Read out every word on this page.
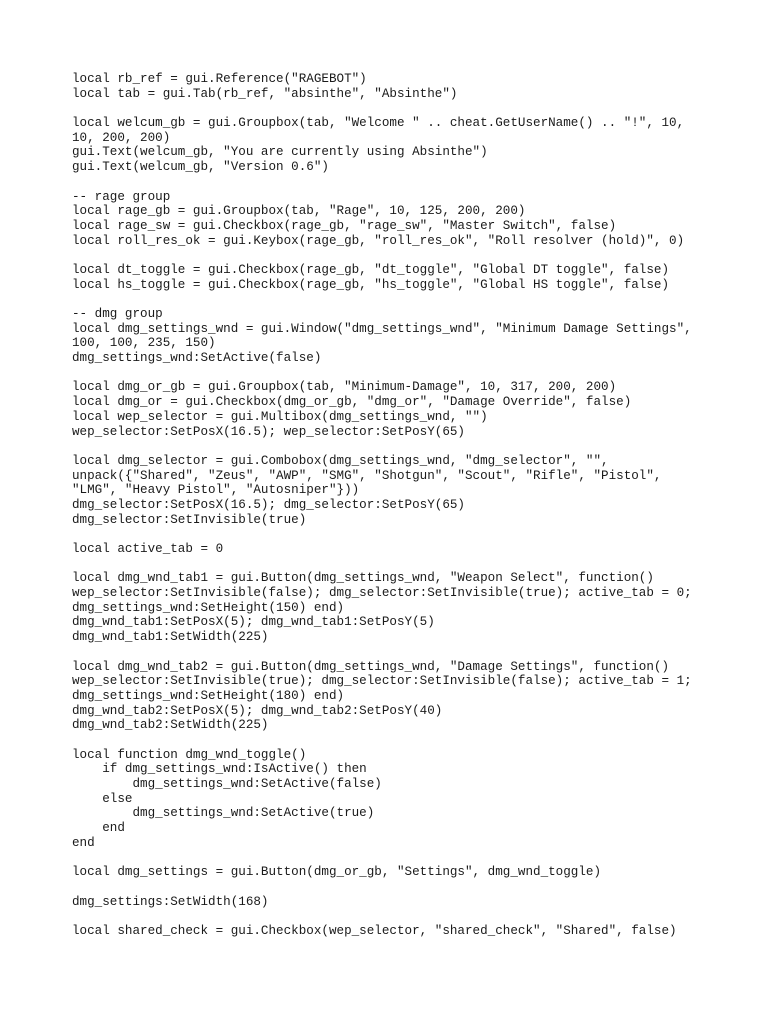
local rb_ref = gui.Reference("RAGEBOT")
local tab = gui.Tab(rb_ref, "absinthe", "Absinthe")
local welcum_gb = gui.Groupbox(tab, "Welcome " .. cheat.GetUserName() .. "!", 10,
10, 200, 200)
gui.Text(welcum_gb, "You are currently using Absinthe")
gui.Text(welcum_gb, "Version 0.6")
-- rage group
local rage_gb = gui.Groupbox(tab, "Rage", 10, 125, 200, 200)
local rage_sw = gui.Checkbox(rage_gb, "rage_sw", "Master Switch", false)
local roll_res_ok = gui.Keybox(rage_gb, "roll_res_ok", "Roll resolver (hold)", 0)
local dt_toggle = gui.Checkbox(rage_gb, "dt_toggle", "Global DT toggle", false)
local hs_toggle = gui.Checkbox(rage_gb, "hs_toggle", "Global HS toggle", false)
-- dmg group
local dmg_settings_wnd = gui.Window("dmg_settings_wnd", "Minimum Damage Settings",
100, 100, 235, 150)
dmg_settings_wnd:SetActive(false)
local dmg_or_gb = gui.Groupbox(tab, "Minimum-Damage", 10, 317, 200, 200)
local dmg_or = gui.Checkbox(dmg_or_gb, "dmg_or", "Damage Override", false)
local wep_selector = gui.Multibox(dmg_settings_wnd, "")
wep_selector:SetPosX(16.5); wep_selector:SetPosY(65)
local dmg_selector = gui.Combobox(dmg_settings_wnd, "dmg_selector", "",
unpack({"Shared", "Zeus", "AWP", "SMG", "Shotgun", "Scout", "Rifle", "Pistol",
"LMG", "Heavy Pistol", "Autosniper"}))
dmg_selector:SetPosX(16.5); dmg_selector:SetPosY(65)
dmg_selector:SetInvisible(true)
local active_tab = 0
local dmg_wnd_tab1 = gui.Button(dmg_settings_wnd, "Weapon Select", function()
wep_selector:SetInvisible(false); dmg_selector:SetInvisible(true); active_tab = 0;
dmg_settings_wnd:SetHeight(150) end)
dmg_wnd_tab1:SetPosX(5); dmg_wnd_tab1:SetPosY(5)
dmg_wnd_tab1:SetWidth(225)
local dmg_wnd_tab2 = gui.Button(dmg_settings_wnd, "Damage Settings", function()
wep_selector:SetInvisible(true); dmg_selector:SetInvisible(false); active_tab = 1;
dmg_settings_wnd:SetHeight(180) end)
dmg_wnd_tab2:SetPosX(5); dmg_wnd_tab2:SetPosY(40)
dmg_wnd_tab2:SetWidth(225)
local function dmg_wnd_toggle()
if dmg_settings_wnd:IsActive() then
dmg_settings_wnd:SetActive(false)
else
dmg_settings_wnd:SetActive(true)
end
end
local dmg_settings = gui.Button(dmg_or_gb, "Settings", dmg_wnd_toggle)
dmg_settings:SetWidth(168)
local shared_check = gui.Checkbox(wep_selector, "shared_check", "Shared", false)
